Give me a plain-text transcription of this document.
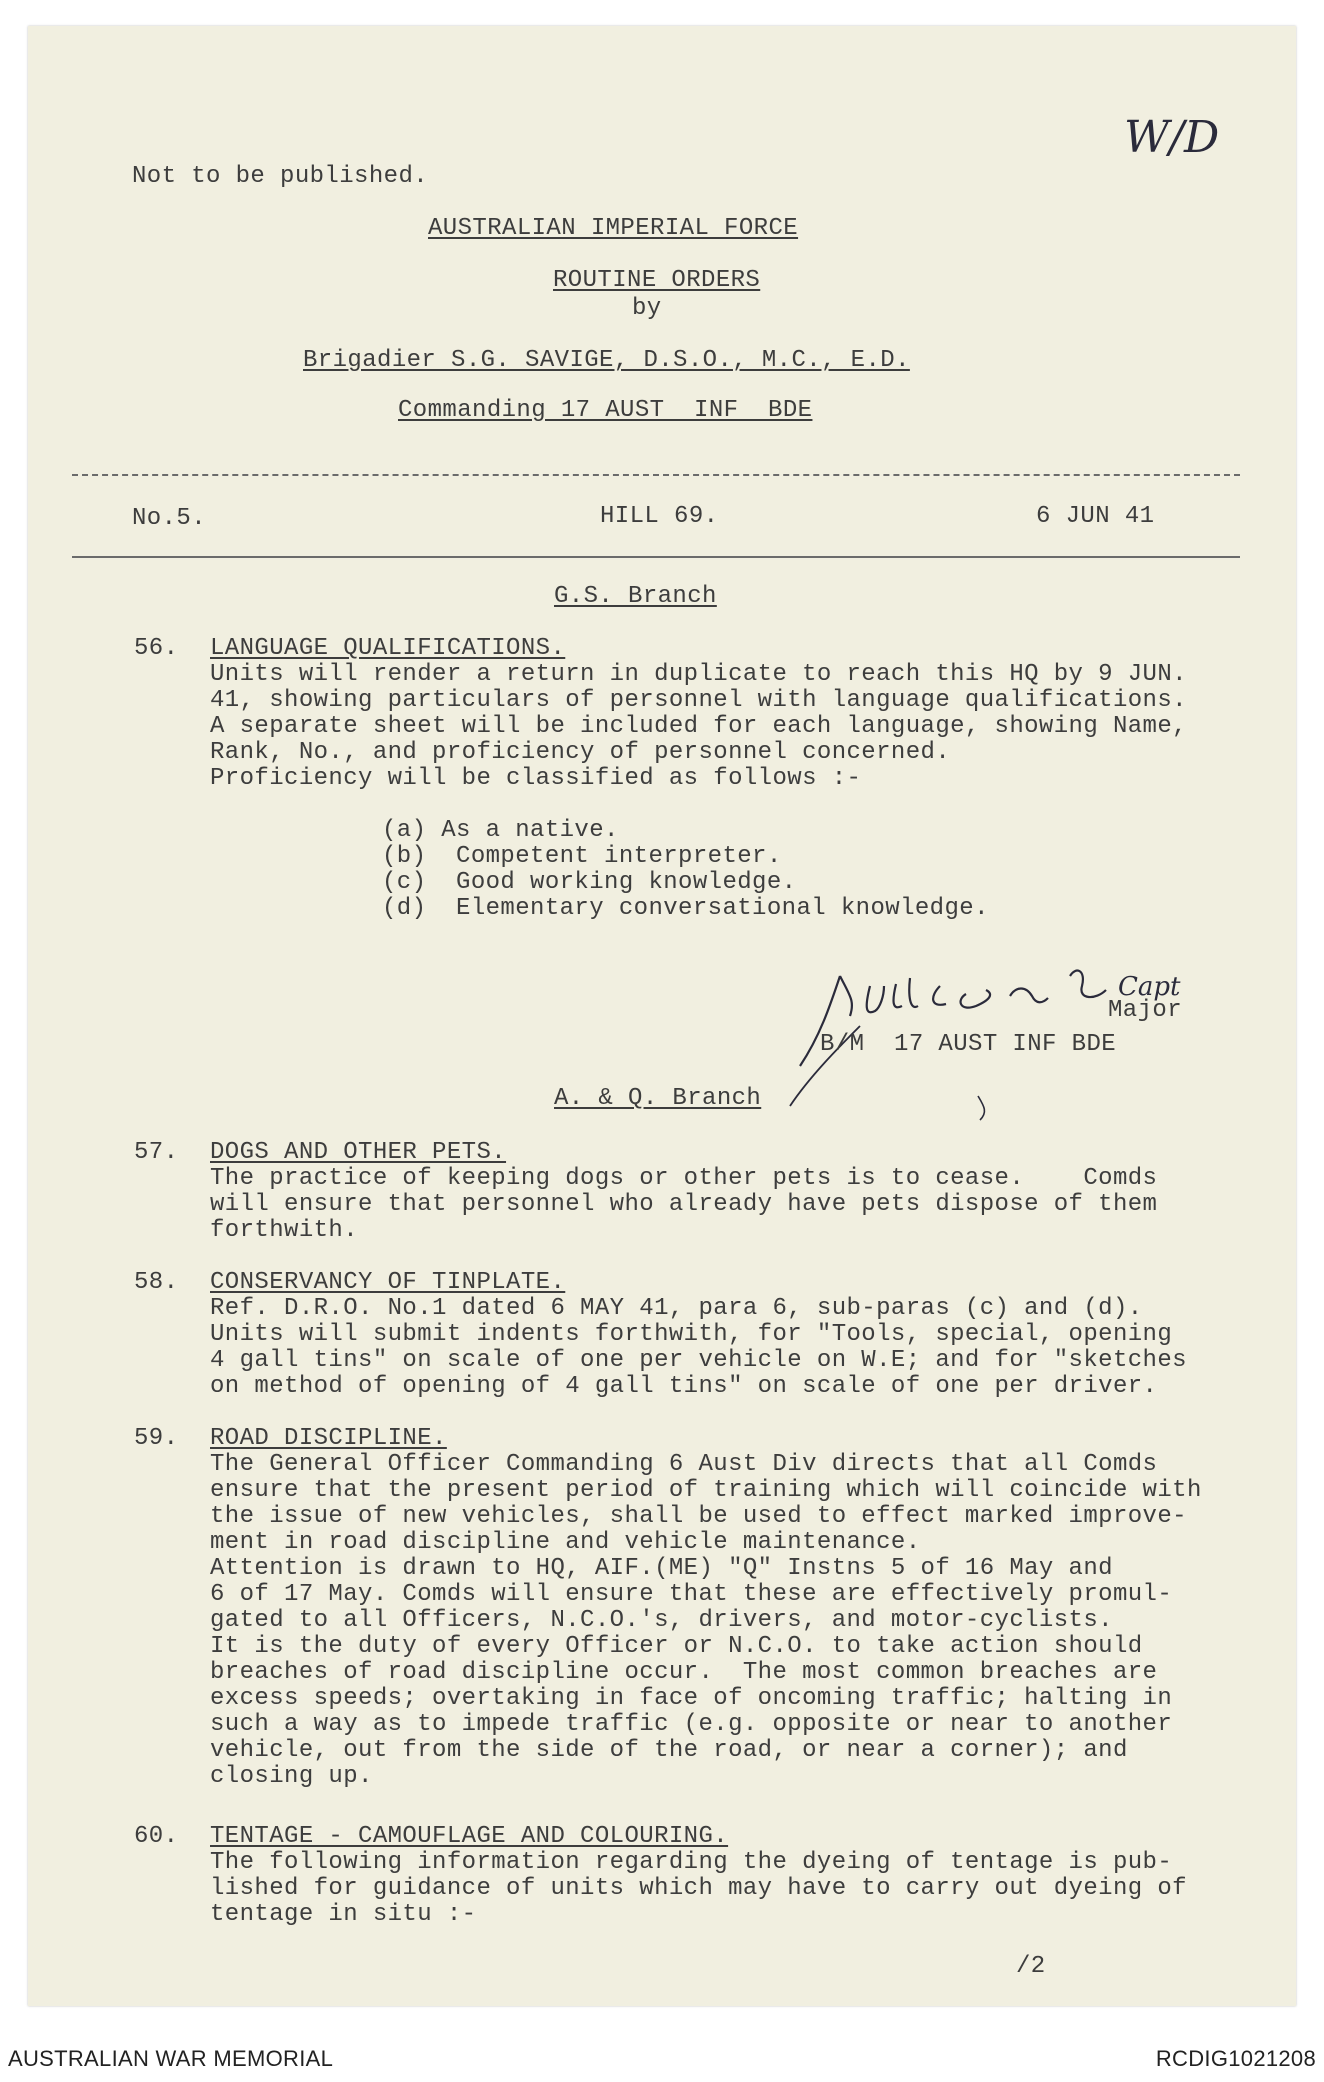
Not to be published.
W/D
AUSTRALIAN IMPERIAL FORCE
ROUTINE ORDERS
by
Brigadier S.G. SAVIGE, D.S.O., M.C., E.D.
Commanding 17 AUST  INF  BDE
No.5.	HILL 69.	6 JUN 41
G.S. Branch
56. LANGUAGE QUALIFICATIONS.
Units will render a return in duplicate to reach this HQ by 9 JUN.
41, showing particulars of personnel with language qualifications.
A separate sheet will be included for each language, showing Name,
Rank, No., and proficiency of personnel concerned.
Proficiency will be classified as follows :-
(a) As a native.
(b)  Competent interpreter.
(c)  Good working knowledge.
(d)  Elementary conversational knowledge.
Capt
Major
B/M  17 AUST INF BDE
A. & Q. Branch
57. DOGS AND OTHER PETS.
The practice of keeping dogs or other pets is to cease.    Comds
will ensure that personnel who already have pets dispose of them
forthwith.
58. CONSERVANCY OF TINPLATE.
Ref. D.R.O. No.1 dated 6 MAY 41, para 6, sub-paras (c) and (d).
Units will submit indents forthwith, for "Tools, special, opening
4 gall tins" on scale of one per vehicle on W.E; and for "sketches
on method of opening of 4 gall tins" on scale of one per driver.
59. ROAD DISCIPLINE.
The General Officer Commanding 6 Aust Div directs that all Comds
ensure that the present period of training which will coincide with
the issue of new vehicles, shall be used to effect marked improve-
ment in road discipline and vehicle maintenance.
Attention is drawn to HQ, AIF.(ME) "Q" Instns 5 of 16 May and
6 of 17 May. Comds will ensure that these are effectively promul-
gated to all Officers, N.C.O.'s, drivers, and motor-cyclists.
It is the duty of every Officer or N.C.O. to take action should
breaches of road discipline occur.  The most common breaches are
excess speeds; overtaking in face of oncoming traffic; halting in
such a way as to impede traffic (e.g. opposite or near to another
vehicle, out from the side of the road, or near a corner); and
closing up.
60. TENTAGE - CAMOUFLAGE AND COLOURING.
The following information regarding the dyeing of tentage is pub-
lished for guidance of units which may have to carry out dyeing of
tentage in situ :-
/2
AUSTRALIAN WAR MEMORIAL	RCDIG1021208
